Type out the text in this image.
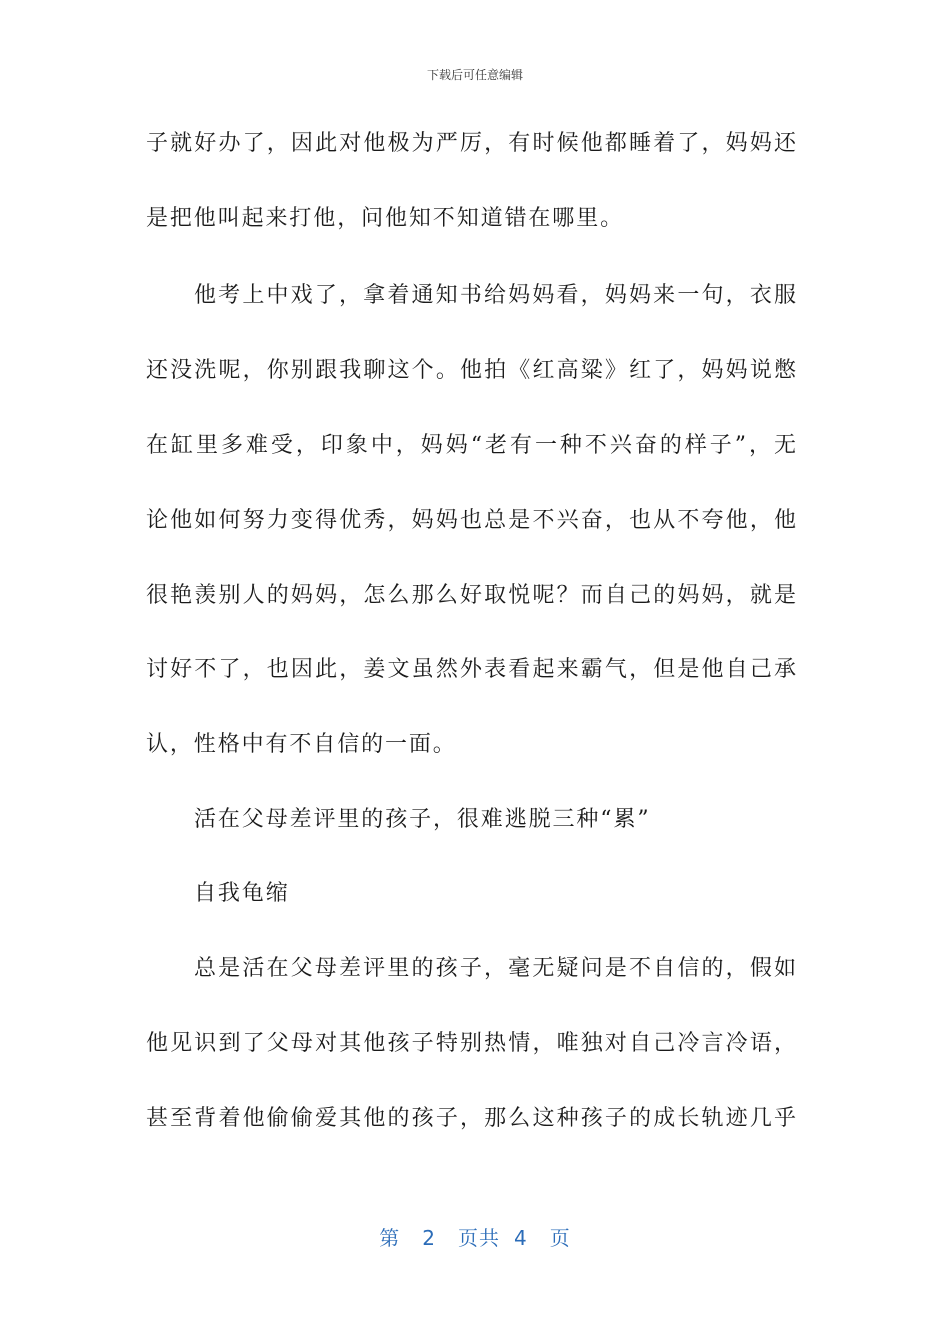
下载后可任意编辑
子就好办了，因此对他极为严厉，有时候他都睡着了，妈妈还
是把他叫起来打他，问他知不知道错在哪里。
他考上中戏了，拿着通知书给妈妈看，妈妈来一句，衣服
还没洗呢，你别跟我聊这个。他拍《红高粱》红了，妈妈说憋
在缸里多难受，印象中，妈妈“老有一种不兴奋的样子”，无
论他如何努力变得优秀，妈妈也总是不兴奋，也从不夸他，他
很艳羡别人的妈妈，怎么那么好取悦呢？而自己的妈妈，就是
讨好不了，也因此，姜文虽然外表看起来霸气，但是他自己承
认，性格中有不自信的一面。
活在父母差评里的孩子，很难逃脱三种“累”
自我龟缩
总是活在父母差评里的孩子，毫无疑问是不自信的，假如
他见识到了父母对其他孩子特别热情，唯独对自己冷言冷语，
甚至背着他偷偷爱其他的孩子，那么这种孩子的成长轨迹几乎
第 2 页共 4 页
